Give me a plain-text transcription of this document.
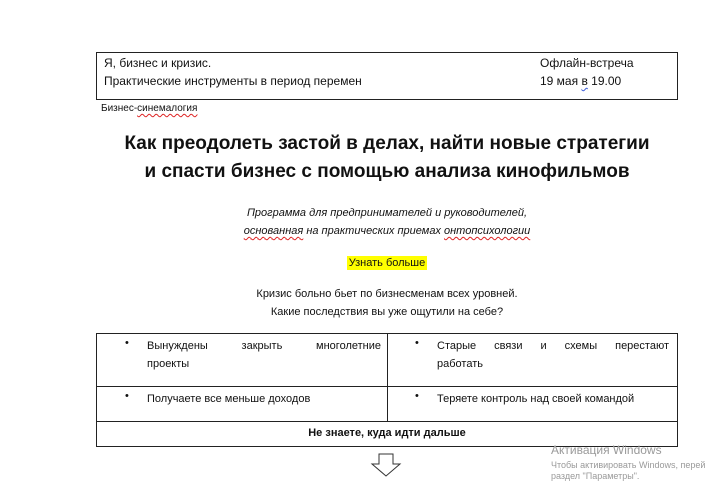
Я, бизнес и кризис.
Практические инструменты в период перемен
Офлайн-встреча
19 мая в 19.00
Бизнес-синемалогия
Как преодолеть застой в делах, найти новые стратегии
и спасти бизнес с помощью анализа кинофильмов
Программа для предпринимателей и руководителей,
основанная на практических приемах онтопсихологии
Узнать больше
Кризис больно бьет по бизнесменам всех уровней.
Какие последствия вы уже ощутили на себе?
• Вынуждены закрыть многолетние
проекты
• Старые связи и схемы перестают
работать
• Получаете все меньше доходов	• Теряете контроль над своей командой
Не знаете, куда идти дальше
Активация Windows
Чтобы активировать Windows, перей
раздел "Параметры".
